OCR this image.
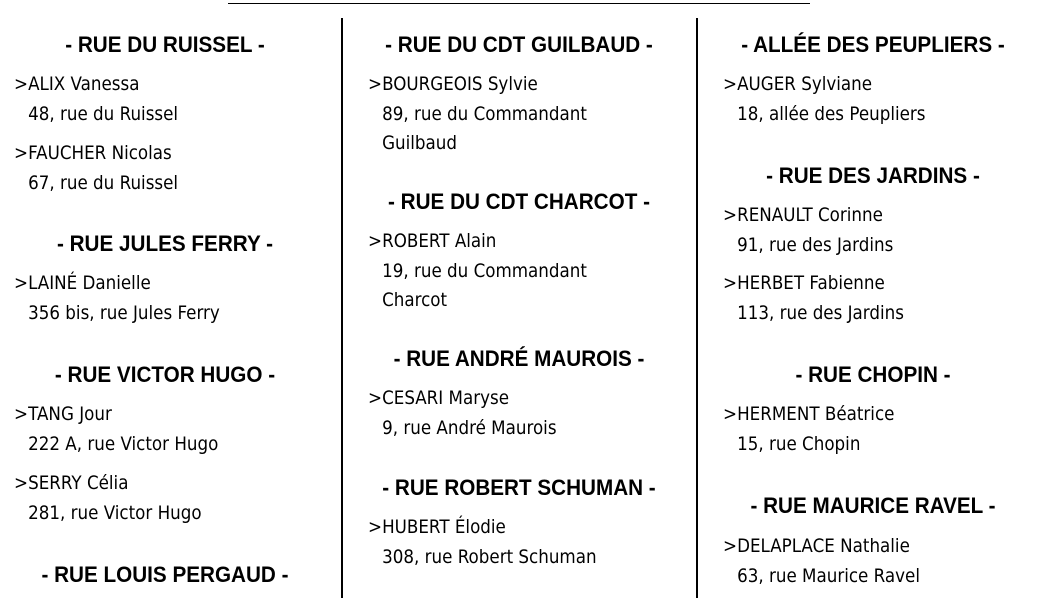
- RUE DU RUISSEL -
>ALIX Vanessa
48, rue du Ruissel
>FAUCHER Nicolas
67, rue du Ruissel
- RUE JULES FERRY -
>LAINÉ Danielle
356 bis, rue Jules Ferry
- RUE VICTOR HUGO -
>TANG Jour
222 A, rue Victor Hugo
>SERRY Célia
281, rue Victor Hugo
- RUE LOUIS PERGAUD -
- RUE DU CDT GUILBAUD -
>BOURGEOIS Sylvie
89, rue du Commandant
Guilbaud
- RUE DU CDT CHARCOT -
>ROBERT Alain
19, rue du Commandant
Charcot
- RUE ANDRÉ MAUROIS -
>CESARI Maryse
9, rue André Maurois
- RUE ROBERT SCHUMAN -
>HUBERT Élodie
308, rue Robert Schuman
- ALLÉE DES PEUPLIERS -
>AUGER Sylviane
18, allée des Peupliers
- RUE DES JARDINS -
>RENAULT Corinne
91, rue des Jardins
>HERBET Fabienne
113, rue des Jardins
- RUE CHOPIN -
>HERMENT Béatrice
15, rue Chopin
- RUE MAURICE RAVEL -
>DELAPLACE Nathalie
63, rue Maurice Ravel
